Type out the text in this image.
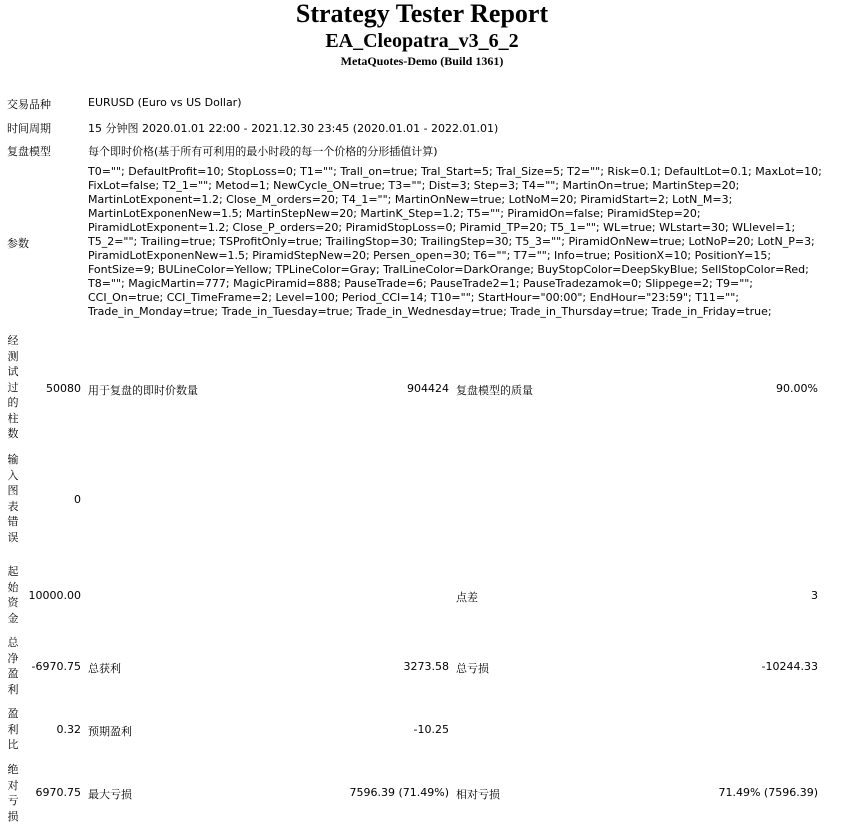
Strategy Tester Report
EA_Cleopatra_v3_6_2
MetaQuotes-Demo (Build 1361)
交易品种	EURUSD (Euro vs US Dollar)
时间周期	15 分钟图 2020.01.01 22:00 - 2021.12.30 23:45 (2020.01.01 - 2022.01.01)
复盘模型	每个即时价格(基于所有可利用的最小时段的每一个价格的分形插值计算)
参数
T0=""; DefaultProfit=10; StopLoss=0; T1=""; Trall_on=true; Tral_Start=5; Tral_Size=5; T2=""; Risk=0.1; DefaultLot=0.1; MaxLot=10; FixLot=false; T2_1=""; Metod=1; NewCycle_ON=true; T3=""; Dist=3; Step=3; T4=""; MartinOn=true; MartinStep=20; MartinLotExponent=1.2; Close_M_orders=20; T4_1=""; MartinOnNew=true; LotNoM=20; PiramidStart=2; LotN_M=3; MartinLotExponenNew=1.5; MartinStepNew=20; MartinK_Step=1.2; T5=""; PiramidOn=false; PiramidStep=20; PiramidLotExponent=1.2; Close_P_orders=20; PiramidStopLoss=0; Piramid_TP=20; T5_1=""; WL=true; WLstart=30; WLlevel=1; T5_2=""; Trailing=true; TSProfitOnly=true; TrailingStop=30; TrailingStep=30; T5_3=""; PiramidOnNew=true; LotNoP=20; LotN_P=3; PiramidLotExponenNew=1.5; PiramidStepNew=20; Persen_open=30; T6=""; T7=""; Info=true; PositionX=10; PositionY=15; FontSize=9; BULineColor=Yellow; TPLineColor=Gray; TralLineColor=DarkOrange; BuyStopColor=DeepSkyBlue; SellStopColor=Red; T8=""; MagicMartin=777; MagicPiramid=888; PauseTrade=6; PauseTrade2=1; PauseTradezamok=0; Slippege=2; T9=""; CCI_On=true; CCI_TimeFrame=2; Level=100; Period_CCI=14; T10=""; StartHour="00:00"; EndHour="23:59"; T11=""; Trade_in_Monday=true; Trade_in_Tuesday=true; Trade_in_Wednesday=true; Trade_in_Thursday=true; Trade_in_Friday=true;
经测试过的柱数
50080 用于复盘的即时价数量	904424 复盘模型的质量	90.00%
输入图表错误
0
起始资金
10000.00	点差	3
总净盈利
-6970.75 总获利	3273.58 总亏损	-10244.33
盈利比
0.32 预期盈利	-10.25
绝对亏损
6970.75 最大亏损	7596.39 (71.49%) 相对亏损	71.49% (7596.39)
